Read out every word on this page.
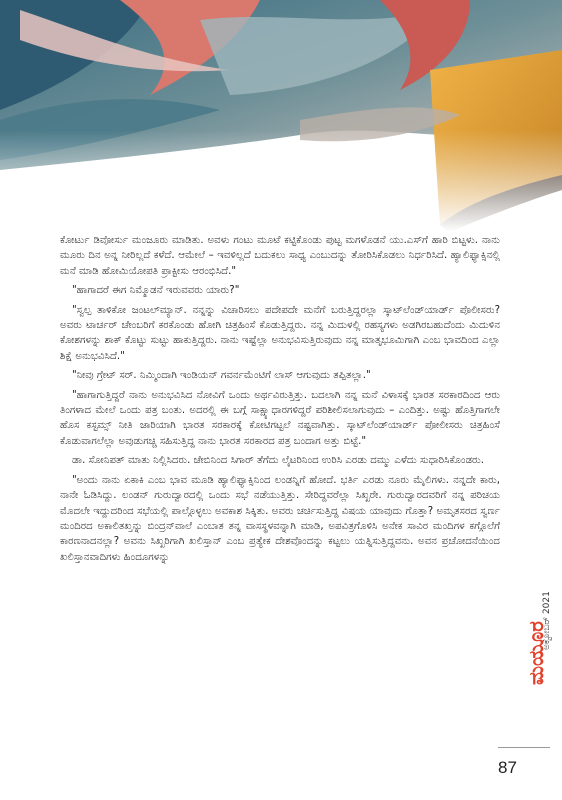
ಕೋರ್ಟು ಡಿವೋರ್ಸು ಮಂಜೂರು ಮಾಡಿತು. ಅವಳು ಗಂಟು ಮೂಟೆ ಕಟ್ಟಿಕೊಂಡು ಪುಟ್ಟ ಮಗಳೊಡನೆ ಯು.ಎಸ್‌ಗೆ ಹಾರಿ ಬಿಟ್ಟಳು. ನಾನು ಮೂರು ದಿನ ಅನ್ನ ನೀರಿಲ್ಲದೆ ಕಳೆದೆ. ಆಮೇಲೆ – ಇವಳಿಲ್ಲದೆ ಬದುಕಲು ಸಾಧ್ಯ ಎಂಬುದನ್ನು ತೋರಿಸಿಕೊಡಲು ನಿರ್ಧರಿಸಿದೆ. ಹ್ಯಾಲಿಫ್ಯಾಕ್ಸಿನಲ್ಲಿ ಮನೆ ಮಾಡಿ ಹೋಮಿಯೋಪತಿ ಪ್ರಾಕ್ಟೀಸು ಆರಂಭಿಸಿದೆ."

"ಹಾಗಾದರೆ ಈಗ ನಿಮ್ಮೊಡನೆ ಇರುವವರು ಯಾರು?"

"ಸ್ವಲ್ಪ ತಾಳಿಕೋ ಜಂಟಲ್‌ಮ್ಯಾನ್. ನನ್ನನ್ನು ವಿಚಾರಿಸಲು ಪದೇಪದೇ ಮನೆಗೆ ಬರುತ್ತಿದ್ದರಲ್ಲಾ ಸ್ಕಾಟ್‌ಲೆಂಡ್‌ಯಾರ್ಡ್ ಪೊಲೀಸರು? ಅವರು ಟಾರ್ಚರ್ ಚೇಂಬರಿಗೆ ಕರಕೊಂಡು ಹೋಗಿ ಚಿತ್ರಹಿಂಸೆ ಕೊಡುತ್ತಿದ್ದರು. ನನ್ನ ಮಿದುಳಲ್ಲಿ ರಹಸ್ಯಗಳು ಅಡಗಿರಬಹುದೆಂದು ಮಿದುಳಿನ ಕೋಶಗಳನ್ನು ಶಾಕ್ ಕೊಟ್ಟು ಸುಟ್ಟು ಹಾಕುತ್ತಿದ್ದರು. ನಾನು ಇಷ್ಟೆಲ್ಲಾ ಅನುಭವಿಸುತ್ತಿರುವುದು ನನ್ನ ಮಾತೃಭೂಮಿಗಾಗಿ ಎಂಬ ಭಾವದಿಂದ ಎಲ್ಲಾ ಶಿಕ್ಷೆ ಅನುಭವಿಸಿದೆ."

"ನೀವು ಗ್ರೇಟ್ ಸರ್. ನಿಮ್ಮಿಂದಾಗಿ ಇಂಡಿಯನ್ ಗವರ್ನಮೆಂಟಿಗೆ ಲಾಸ್ ಆಗುವುದು ತಪ್ಪಿತಲ್ಲಾ."

"ಹಾಗಾಗುತ್ತಿದ್ದರೆ ನಾನು ಅನುಭವಿಸಿದ ನೋವಿಗೆ ಒಂದು ಅರ್ಥವಿರುತ್ತಿತ್ತು. ಬದಲಾಗಿ ನನ್ನ ಮನೆ ವಿಳಾಸಕ್ಕೆ ಭಾರತ ಸರಕಾರದಿಂದ ಆರು ತಿಂಗಳಾದ ಮೇಲೆ ಒಂದು ಪತ್ರ ಬಂತು. ಅದರಲ್ಲಿ ಈ ಬಗ್ಗೆ ಸಾಕ್ಷ್ಯಾಧಾರಗಳಿದ್ದರೆ ಪರಿಶೀಲಿಸಲಾಗುವುದು – ಎಂದಿತ್ತು. ಅಷ್ಟು ಹೊತ್ತಿಗಾಗಲೇ ಹೊಸ ಕಸ್ಟಮ್ಸ್ ನೀತಿ ಜಾರಿಯಾಗಿ ಭಾರತ ಸರಕಾರಕ್ಕೆ ಕೋಟಿಗಟ್ಟಲೆ ನಷ್ಟವಾಗಿತ್ತು. ಸ್ಕಾಟ್‌ಲೆಂಡ್‌ಯಾರ್ಡ್ ಪೋಲೀಸರು ಚಿತ್ರಹಿಂಸೆ ಕೊಡುವಾಗಲೆಲ್ಲಾ ಅವುಡುಗಚ್ಚಿ ಸಹಿಸುತ್ತಿದ್ದ ನಾನು ಭಾರತ ಸರಕಾರದ ಪತ್ರ ಬಂದಾಗ ಅತ್ತು ಬಿಟ್ಟೆ."

ಡಾ. ಸೋನಿಪತ್ ಮಾತು ನಿಲ್ಲಿಸಿದರು. ಜೇಬಿನಿಂದ ಸಿಗಾರ್ ತೆಗೆದು ಲೈಟರಿನಿಂದ ಉರಿಸಿ ಎರಡು ದಮ್ಮು ಎಳೆದು ಸುಧಾರಿಸಿಕೊಂಡರು.

"ಅಂದು ನಾನು ಏಕಾಕಿ ಎಂಬ ಭಾವ ಮೂಡಿ ಹ್ಯಾಲಿಫ್ಯಾಕ್ಸಿನಿಂದ ಲಂಡನ್ನಿಗೆ ಹೋದೆ. ಭರ್ತಿ ಎರಡು ನೂರು ಮೈಲಿಗಳು. ನನ್ನದೇ ಕಾರು, ನಾನೇ ಓಡಿಸಿದ್ದು. ಲಂಡನ್ ಗುರುದ್ವಾರದಲ್ಲಿ ಒಂದು ಸಭೆ ನಡೆಯುತ್ತಿತ್ತು. ಸೇರಿದ್ದವರೆಲ್ಲಾ ಸಿಖ್ಖರೇ. ಗುರುದ್ವಾರದವರಿಗೆ ನನ್ನ ಪರಿಚಯ ಮೊದಲೇ ಇದ್ದುದರಿಂದ ಸಭೆಯಲ್ಲಿ ಪಾಲ್ಗೊಳ್ಳಲು ಅವಕಾಶ ಸಿಕ್ಕಿತು. ಅವರು ಚರ್ಚಿಸುತ್ತಿದ್ದ ವಿಷಯ ಯಾವುದು ಗೊತ್ತಾ? ಅಮೃತಸರದ ಸ್ವರ್ಣ ಮಂದಿರದ ಅಕಾಲಿತಖ್ತನ್ನು ಬಿಂದ್ರನ್‌ವಾಲೆ ಎಂಬಾತ ತನ್ನ ವಾಸಸ್ಥಳವನ್ನಾಗಿ ಮಾಡಿ, ಅಪವಿತ್ರಗೊಳಿಸಿ ಅನೇಕ ಸಾವಿರ ಮಂದಿಗಳ ಕಗ್ಗೊಲೆಗೆ ಕಾರಣನಾದನಲ್ಲಾ? ಅವನು ಸಿಖ್ಖರಿಗಾಗಿ ಖಲಿಸ್ತಾನ್ ಎಂಬ ಪ್ರತ್ಯೇಕ ದೇಶವೊಂದನ್ನು ಕಟ್ಟಲು ಯತ್ನಿಸುತ್ತಿದ್ದವನು. ಅವನ ಪ್ರಚೋದನೆಯಿಂದ ಖಲಿಸ್ತಾನವಾದಿಗಳು ಹಿಂದೂಗಳನ್ನು

ಮಯೂರ
ಅಕ್ಟೋಬರ್ 2021
87
